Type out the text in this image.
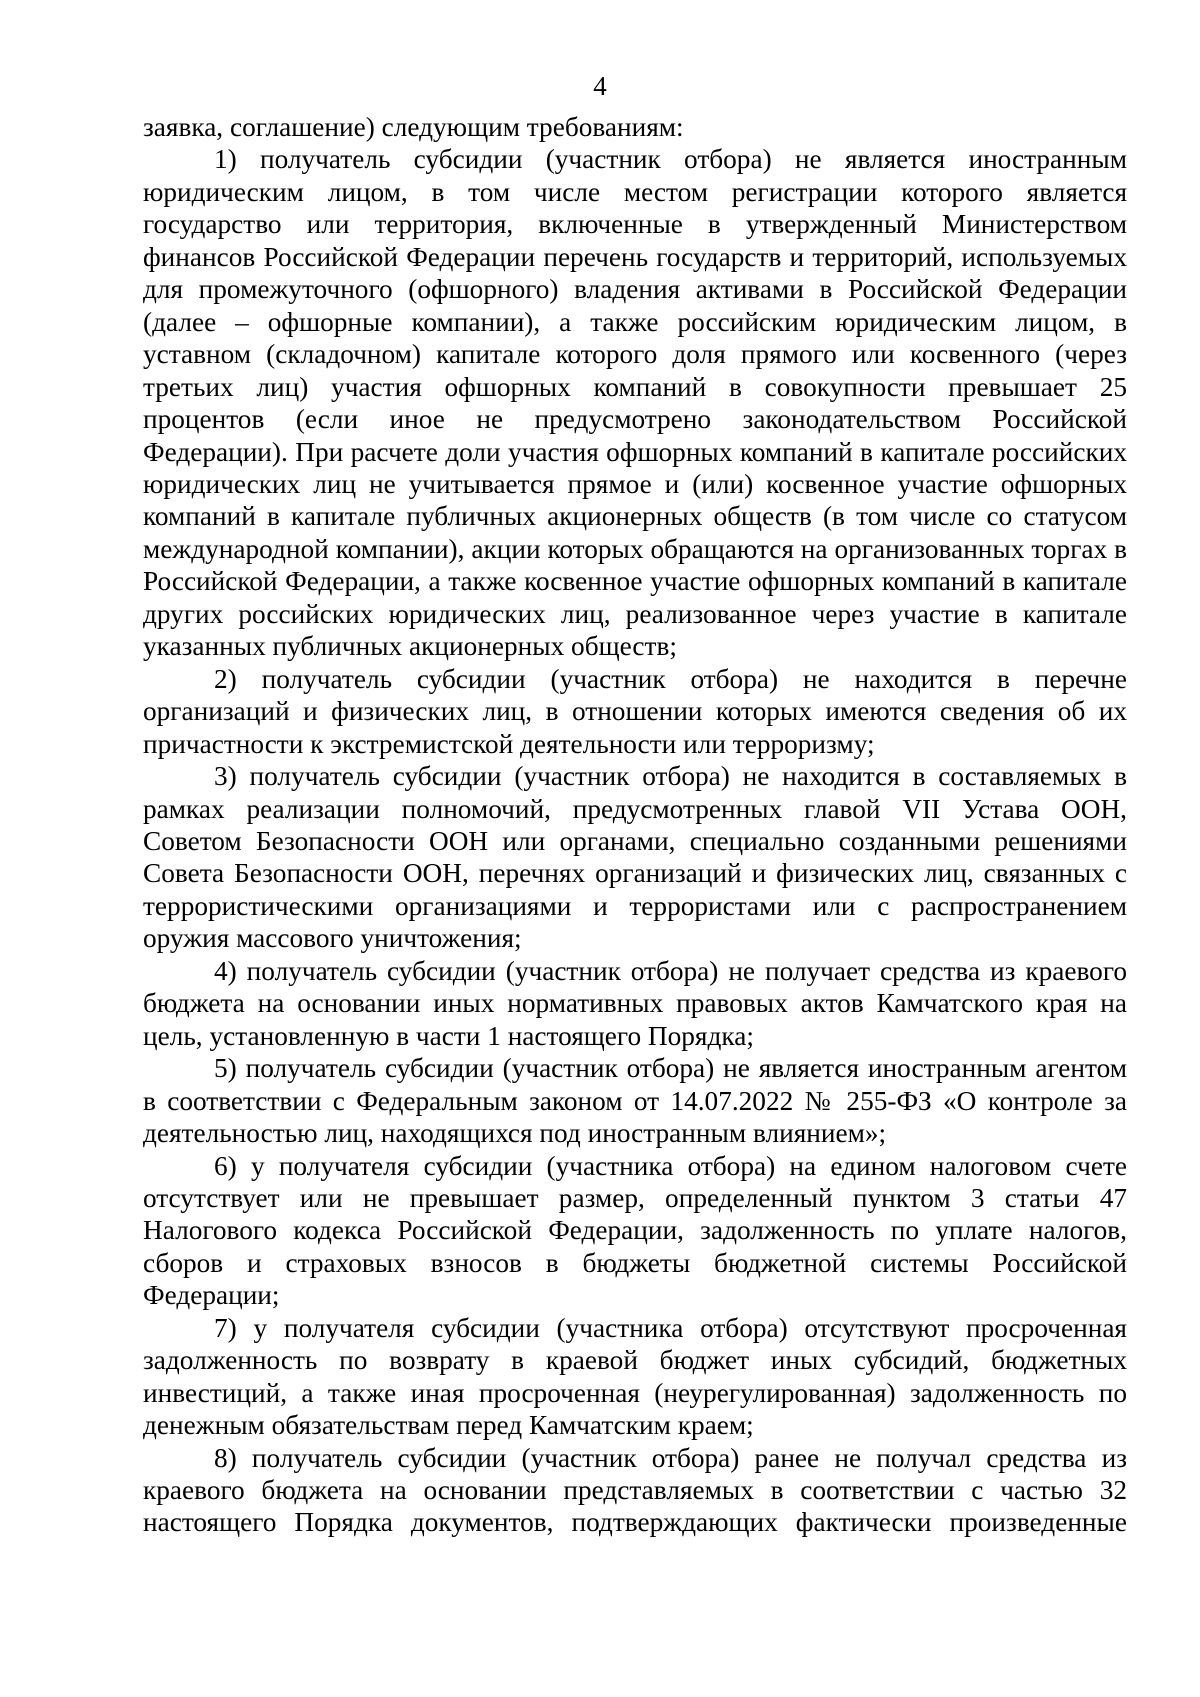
4

заявка, соглашение) следующим требованиям:

1) получатель субсидии (участник отбора) не является иностранным юридическим лицом, в том числе местом регистрации которого является государство или территория, включенные в утвержденный Министерством финансов Российской Федерации перечень государств и территорий, используемых для промежуточного (офшорного) владения активами в Российской Федерации (далее – офшорные компании), а также российским юридическим лицом, в уставном (складочном) капитале которого доля прямого или косвенного (через третьих лиц) участия офшорных компаний в совокупности превышает 25 процентов (если иное не предусмотрено законодательством Российской Федерации). При расчете доли участия офшорных компаний в капитале российских юридических лиц не учитывается прямое и (или) косвенное участие офшорных компаний в капитале публичных акционерных обществ (в том числе со статусом международной компании), акции которых обращаются на организованных торгах в Российской Федерации, а также косвенное участие офшорных компаний в капитале других российских юридических лиц, реализованное через участие в капитале указанных публичных акционерных обществ;

2) получатель субсидии (участник отбора) не находится в перечне организаций и физических лиц, в отношении которых имеются сведения об их причастности к экстремистской деятельности или терроризму;

3) получатель субсидии (участник отбора) не находится в составляемых в рамках реализации полномочий, предусмотренных главой VII Устава ООН, Советом Безопасности ООН или органами, специально созданными решениями Совета Безопасности ООН, перечнях организаций и физических лиц, связанных с террористическими организациями и террористами или с распространением оружия массового уничтожения;

4) получатель субсидии (участник отбора) не получает средства из краевого бюджета на основании иных нормативных правовых актов Камчатского края на цель, установленную в части 1 настоящего Порядка;

5) получатель субсидии (участник отбора) не является иностранным агентом в соответствии с Федеральным законом от 14.07.2022 № 255-ФЗ «О контроле за деятельностью лиц, находящихся под иностранным влиянием»;

6) у получателя субсидии (участника отбора) на едином налоговом счете отсутствует или не превышает размер, определенный пунктом 3 статьи 47 Налогового кодекса Российской Федерации, задолженность по уплате налогов, сборов и страховых взносов в бюджеты бюджетной системы Российской Федерации;

7) у получателя субсидии (участника отбора) отсутствуют просроченная задолженность по возврату в краевой бюджет иных субсидий, бюджетных инвестиций, а также иная просроченная (неурегулированная) задолженность по денежным обязательствам перед Камчатским краем;

8) получатель субсидии (участник отбора) ранее не получал средства из краевого бюджета на основании представляемых в соответствии с частью 32 настоящего Порядка документов, подтверждающих фактически произведенные
